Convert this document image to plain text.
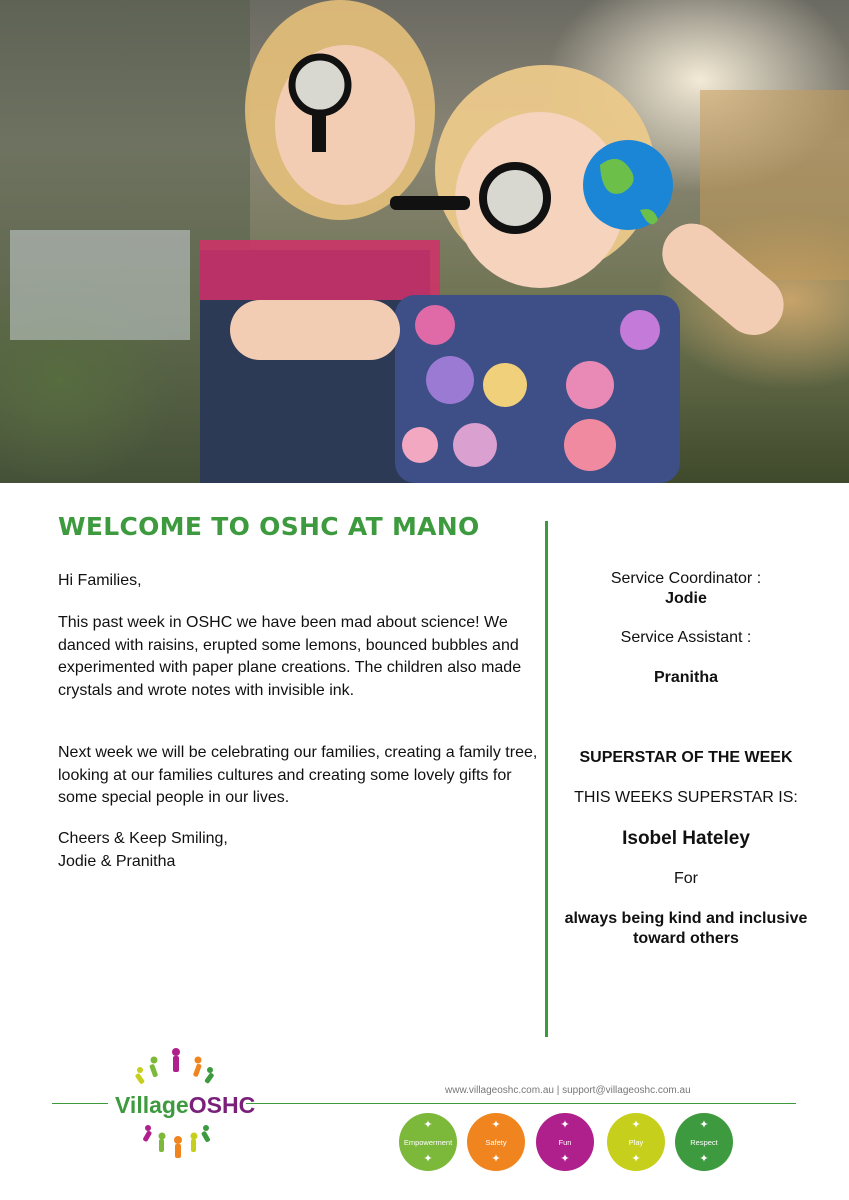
WELCOME TO OSHC AT MANO
Hi Families,
This past week in OSHC we have been mad about science! We danced with raisins, erupted some lemons, bounced bubbles and experimented with paper plane creations. The children also made crystals and wrote notes with invisible ink.
Next week we will be celebrating our families, creating a family tree, looking at our families cultures and creating some lovely gifts for some special people in our lives.
Cheers & Keep Smiling,
Jodie & Pranitha
Service Coordinator :
Jodie
Service Assistant :
Pranitha
SUPERSTAR OF THE WEEK
THIS WEEKS SUPERSTAR IS:
Isobel Hateley
For
always being kind and inclusive
toward others
VillageOSHC
www.villageoshc.com.au | support@villageoshc.com.au
✦
Empowerment
✦
✦
Safety
✦
✦
Fun
✦
✦
Play
✦
✦
Respect
✦
